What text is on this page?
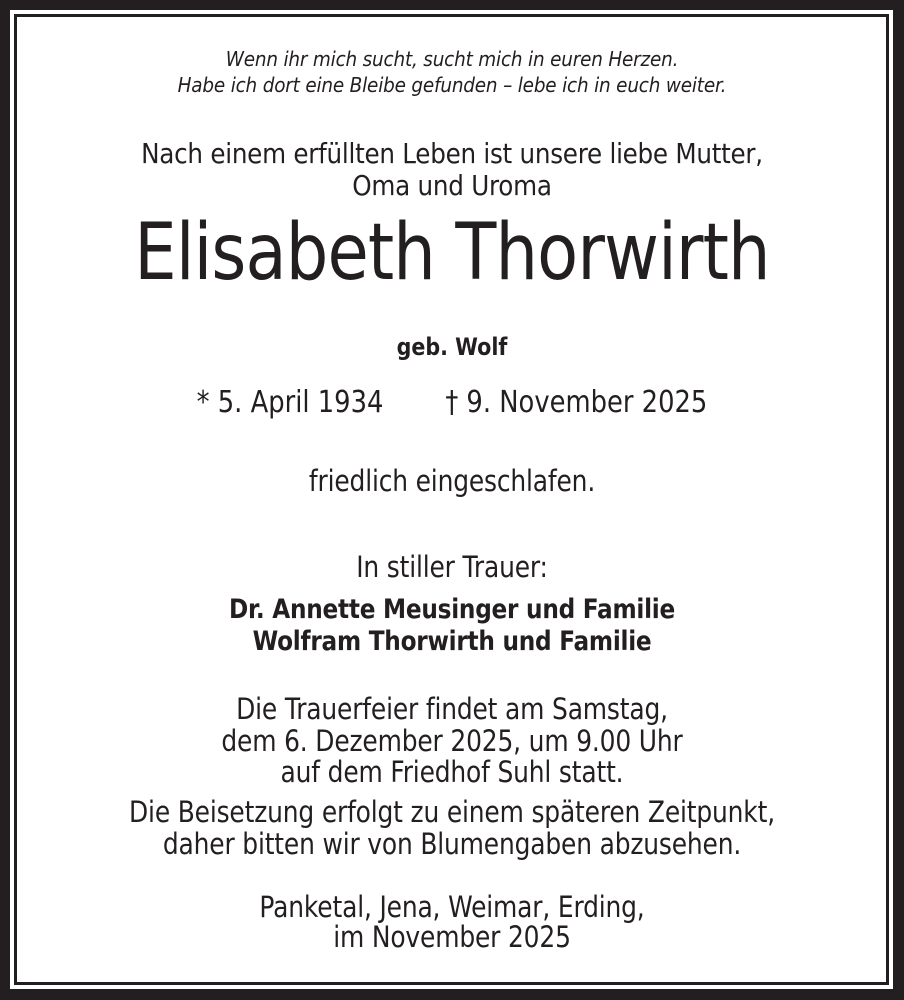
Wenn ihr mich sucht, sucht mich in euren Herzen.
Habe ich dort eine Bleibe gefunden – lebe ich in euch weiter.
Nach einem erfüllten Leben ist unsere liebe Mutter,
Oma und Uroma
Elisabeth Thorwirth
geb. Wolf
* 5. April 1934 † 9. November 2025
friedlich eingeschlafen.
In stiller Trauer:
Dr. Annette Meusinger und Familie
Wolfram Thorwirth und Familie
Die Trauerfeier findet am Samstag,
dem 6. Dezember 2025, um 9.00 Uhr
auf dem Friedhof Suhl statt.
Die Beisetzung erfolgt zu einem späteren Zeitpunkt,
daher bitten wir von Blumengaben abzusehen.
Panketal, Jena, Weimar, Erding,
im November 2025
